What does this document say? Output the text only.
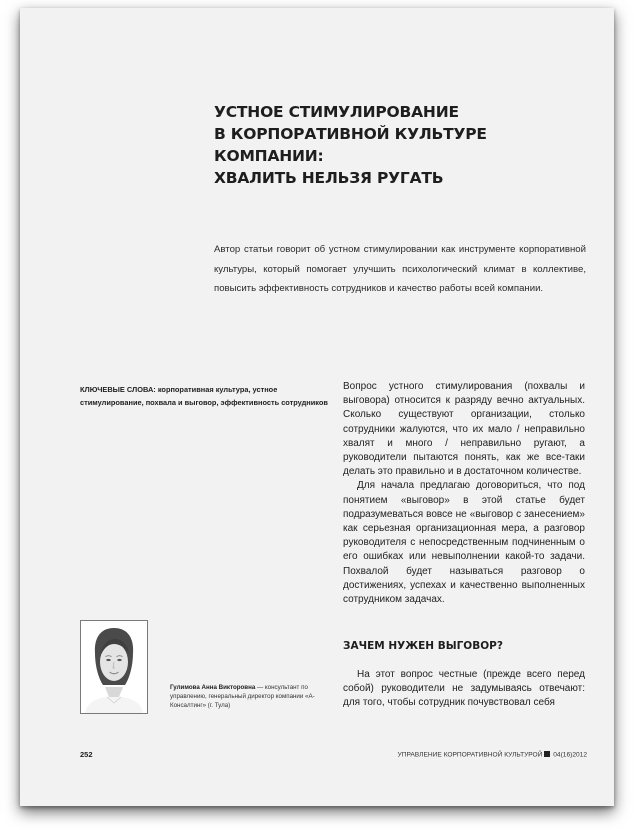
УСТНОЕ СТИМУЛИРОВАНИЕ
В КОРПОРАТИВНОЙ КУЛЬТУРЕ КОМПАНИИ:
ХВАЛИТЬ НЕЛЬЗЯ РУГАТЬ

Автор статьи говорит об устном стимулировании как инструменте корпоративной культуры, который помогает улучшить психологический климат в коллективе, повысить эффективность сотрудников и качество работы всей компании.

КЛЮЧЕВЫЕ СЛОВА: корпоративная культура, устное стимулирование, похвала и выговор, эффективность сотрудников

Вопрос устного стимулирования (похвалы и выговора) относится к разряду вечно актуальных. Сколько существуют организации, столько сотрудники жалуются, что их мало / неправильно хвалят и много / неправильно ругают, а руководители пытаются понять, как же все-таки делать это правильно и в достаточном количестве.

Для начала предлагаю договориться, что под понятием «выговор» в этой статье будет подразумеваться вовсе не «выговор с занесением» как серьезная организационная мера, а разговор руководителя с непосредственным подчиненным о его ошибках или невыполнении какой-то задачи. Похвалой будет называться разговор о достижениях, успехах и качественно выполненных сотрудником задачах.

ЗАЧЕМ НУЖЕН ВЫГОВОР?

На этот вопрос честные (прежде всего перед собой) руководители не задумываясь отвечают: для того, чтобы сотрудник почувствовал себя

Гулимова Анна Викторовна — консультант по управлению, генеральный директор компании «А-Консалтинг» (г. Тула)

252	УПРАВЛЕНИЕ КОРПОРАТИВНОЙ КУЛЬТУРОЙ 04(16)2012
